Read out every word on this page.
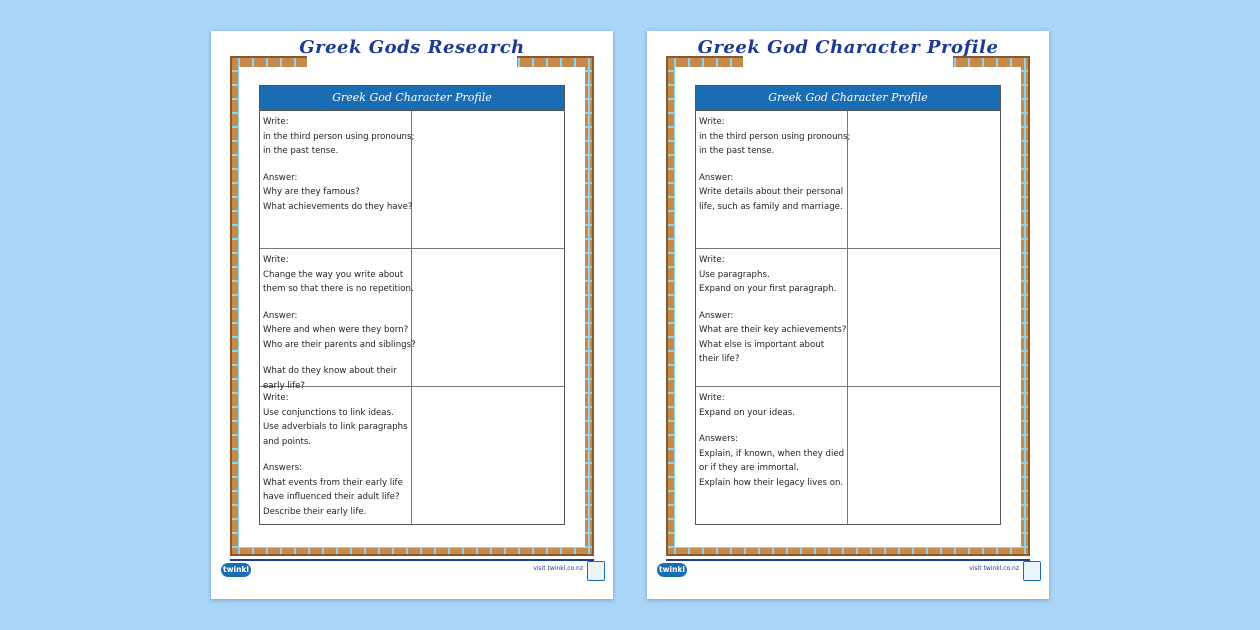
Greek Gods Research
Greek God Character Profile
Write:
in the third person using pronouns;
in the past tense.
Answer:
Why are they famous?
What achievements do they have?
Write:
Change the way you write about
them so that there is no repetition.
Answer:
Where and when were they born?
Who are their parents and siblings?
What do they know about their
early life?
Write:
Use conjunctions to link ideas.
Use adverbials to link paragraphs
and points.
Answers:
What events from their early life
have influenced their adult life?
Describe their early life.
twinkl	visit twinkl.co.nz
Greek God Character Profile
Greek God Character Profile
Write:
in the third person using pronouns;
in the past tense.
Answer:
Write details about their personal
life, such as family and marriage.
Write:
Use paragraphs.
Expand on your first paragraph.
Answer:
What are their key achievements?
What else is important about
their life?
Write:
Expand on your ideas.
Answers:
Explain, if known, when they died
or if they are immortal.
Explain how their legacy lives on.
twinkl	visit twinkl.co.nz
